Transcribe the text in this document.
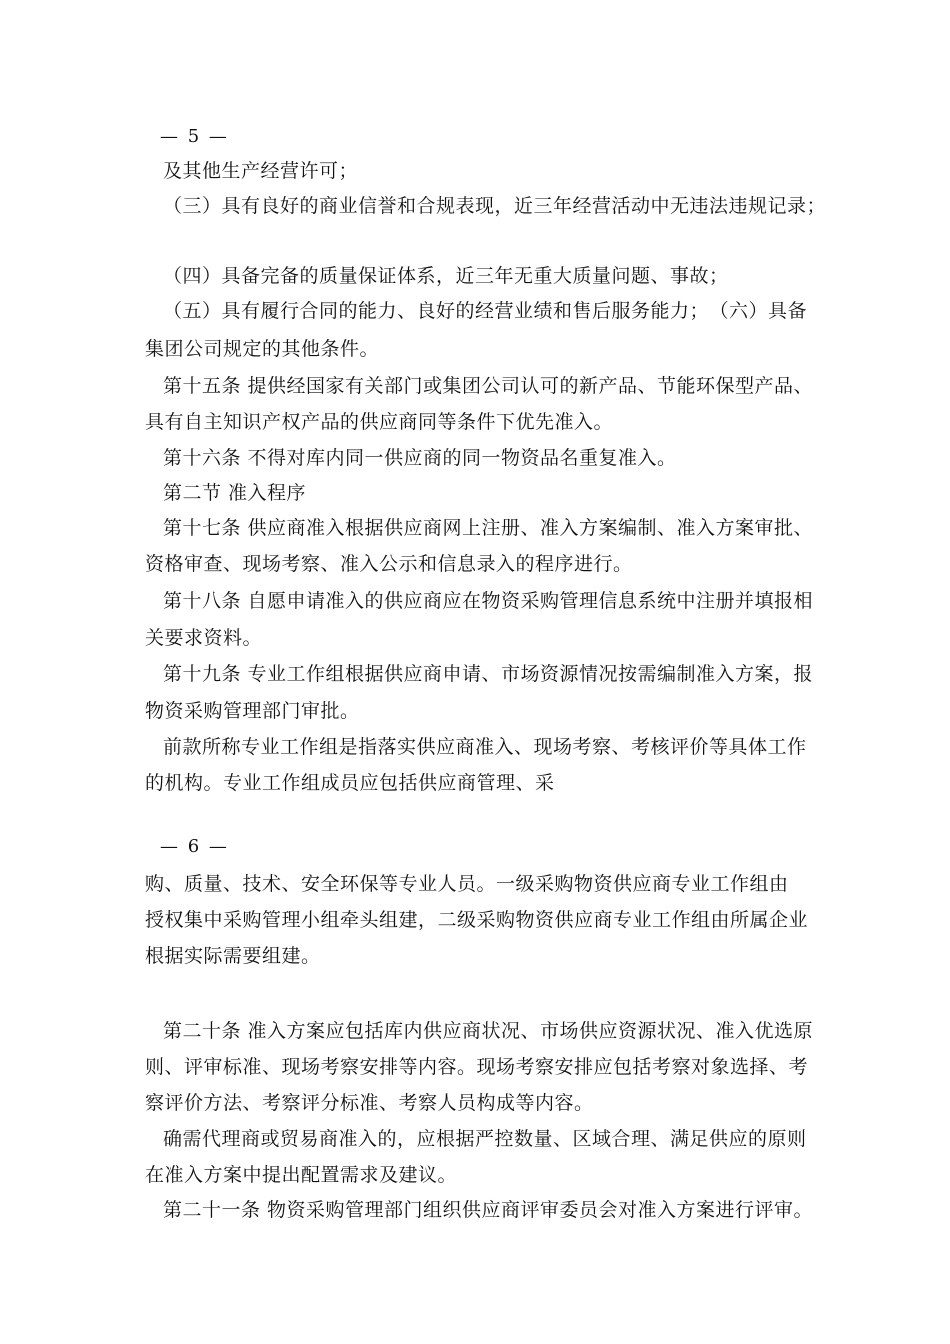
— 5 —
及其他生产经营许可；
（三）具有良好的商业信誉和合规表现，近三年经营活动中无违法违规记录；
（四）具备完备的质量保证体系，近三年无重大质量问题、事故；
（五）具有履行合同的能力、良好的经营业绩和售后服务能力；　（六）具备
集团公司规定的其他条件。
第十五条 提供经国家有关部门或集团公司认可的新产品、节能环保型产品、
具有自主知识产权产品的供应商同等条件下优先准入。
第十六条 不得对库内同一供应商的同一物资品名重复准入。
第二节 准入程序
第十七条 供应商准入根据供应商网上注册、准入方案编制、准入方案审批、
资格审查、现场考察、准入公示和信息录入的程序进行。
第十八条 自愿申请准入的供应商应在物资采购管理信息系统中注册并填报相
关要求资料。
第十九条 专业工作组根据供应商申请、市场资源情况按需编制准入方案，报
物资采购管理部门审批。
前款所称专业工作组是指落实供应商准入、现场考察、考核评价等具体工作
的机构。专业工作组成员应包括供应商管理、采
— 6 —
购、质量、技术、安全环保等专业人员。一级采购物资供应商专业工作组由
授权集中采购管理小组牵头组建，二级采购物资供应商专业工作组由所属企业
根据实际需要组建。
第二十条 准入方案应包括库内供应商状况、市场供应资源状况、准入优选原
则、评审标准、现场考察安排等内容。现场考察安排应包括考察对象选择、考
察评价方法、考察评分标准、考察人员构成等内容。
确需代理商或贸易商准入的，应根据严控数量、区域合理、满足供应的原则
在准入方案中提出配置需求及建议。
第二十一条 物资采购管理部门组织供应商评审委员会对准入方案进行评审。
